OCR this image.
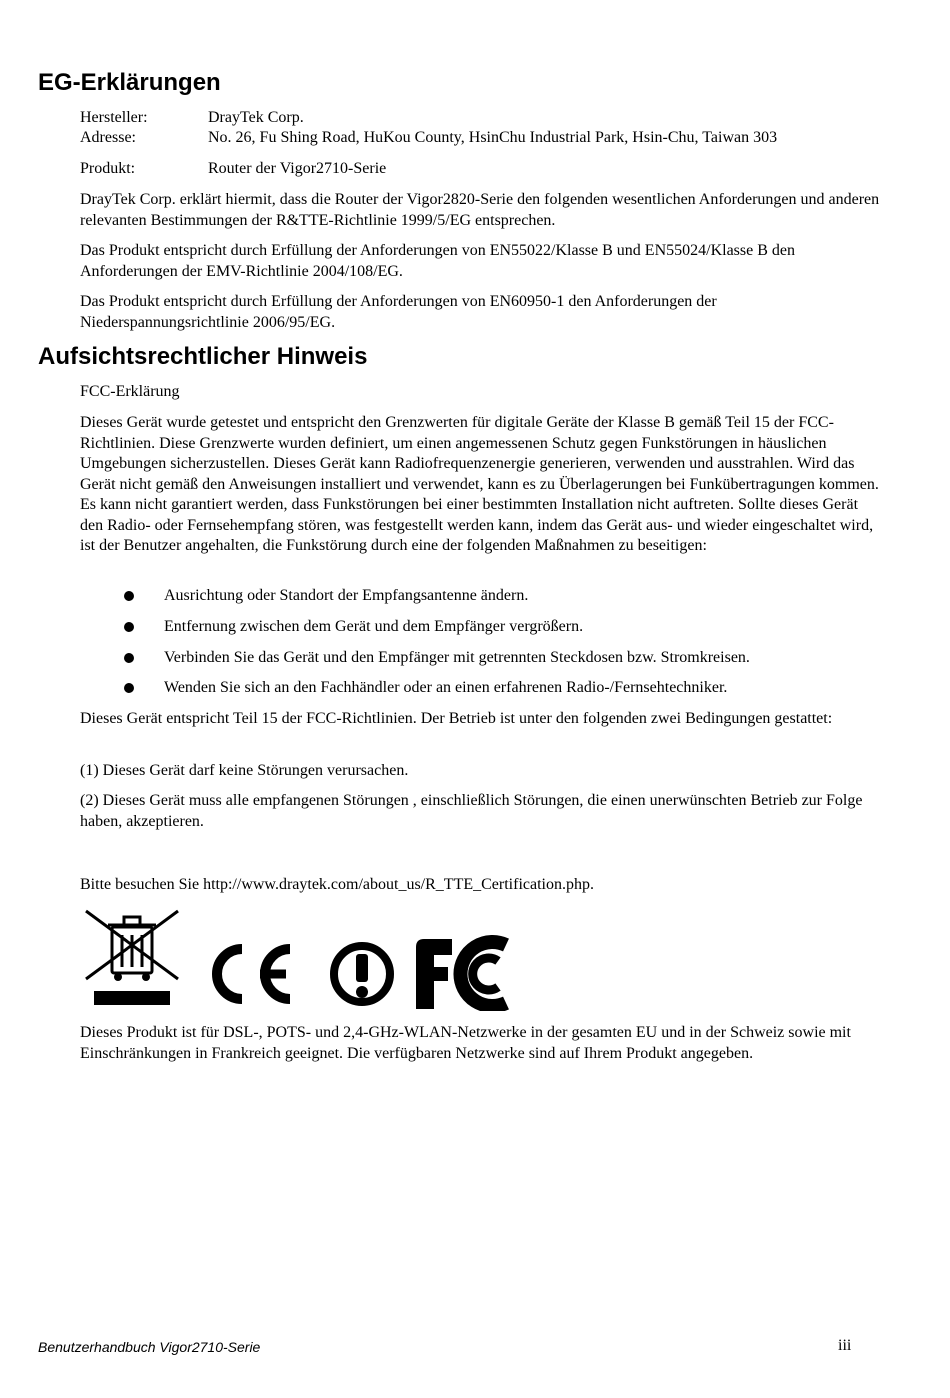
EG-Erklärungen
Hersteller:	DrayTek Corp.
Adresse:	No. 26, Fu Shing Road, HuKou County, HsinChu Industrial Park, Hsin-Chu, Taiwan 303
Produkt:	Router der Vigor2710-Serie
DrayTek Corp. erklärt hiermit, dass die Router der Vigor2820-Serie den folgenden wesentlichen Anforderungen und anderen relevanten Bestimmungen der R&TTE-Richtlinie 1999/5/EG entsprechen.
Das Produkt entspricht durch Erfüllung der Anforderungen von EN55022/Klasse B und EN55024/Klasse B den Anforderungen der EMV-Richtlinie 2004/108/EG.
Das Produkt entspricht durch Erfüllung der Anforderungen von EN60950-1 den Anforderungen der Niederspannungsrichtlinie 2006/95/EG.
Aufsichtsrechtlicher Hinweis
FCC-Erklärung
Dieses Gerät wurde getestet und entspricht den Grenzwerten für digitale Geräte der Klasse B gemäß Teil 15 der FCC-Richtlinien. Diese Grenzwerte wurden definiert, um einen angemessenen Schutz gegen Funkstörungen in häuslichen Umgebungen sicherzustellen. Dieses Gerät kann Radiofrequenzenergie generieren, verwenden und ausstrahlen. Wird das Gerät nicht gemäß den Anweisungen installiert und verwendet, kann es zu Überlagerungen bei Funkübertragungen kommen. Es kann nicht garantiert werden, dass Funkstörungen bei einer bestimmten Installation nicht auftreten. Sollte dieses Gerät den Radio- oder Fernsehempfang stören, was festgestellt werden kann, indem das Gerät aus- und wieder eingeschaltet wird, ist der Benutzer angehalten, die Funkstörung durch eine der folgenden Maßnahmen zu beseitigen:
Ausrichtung oder Standort der Empfangsantenne ändern.
Entfernung zwischen dem Gerät und dem Empfänger vergrößern.
Verbinden Sie das Gerät und den Empfänger mit getrennten Steckdosen bzw. Stromkreisen.
Wenden Sie sich an den Fachhändler oder an einen erfahrenen Radio-/Fernsehtechniker.
Dieses Gerät entspricht Teil 15 der FCC-Richtlinien. Der Betrieb ist unter den folgenden zwei Bedingungen gestattet:
(1) Dieses Gerät darf keine Störungen verursachen.
(2) Dieses Gerät muss alle empfangenen Störungen , einschließlich Störungen, die einen unerwünschten Betrieb zur Folge haben, akzeptieren.
Bitte besuchen Sie http://www.draytek.com/about_us/R_TTE_Certification.php.
Dieses Produkt ist für DSL-, POTS- und 2,4-GHz-WLAN-Netzwerke in der gesamten EU und in der Schweiz sowie mit Einschränkungen in Frankreich geeignet. Die verfügbaren Netzwerke sind auf Ihrem Produkt angegeben.
Benutzerhandbuch Vigor2710-Serie	iii
